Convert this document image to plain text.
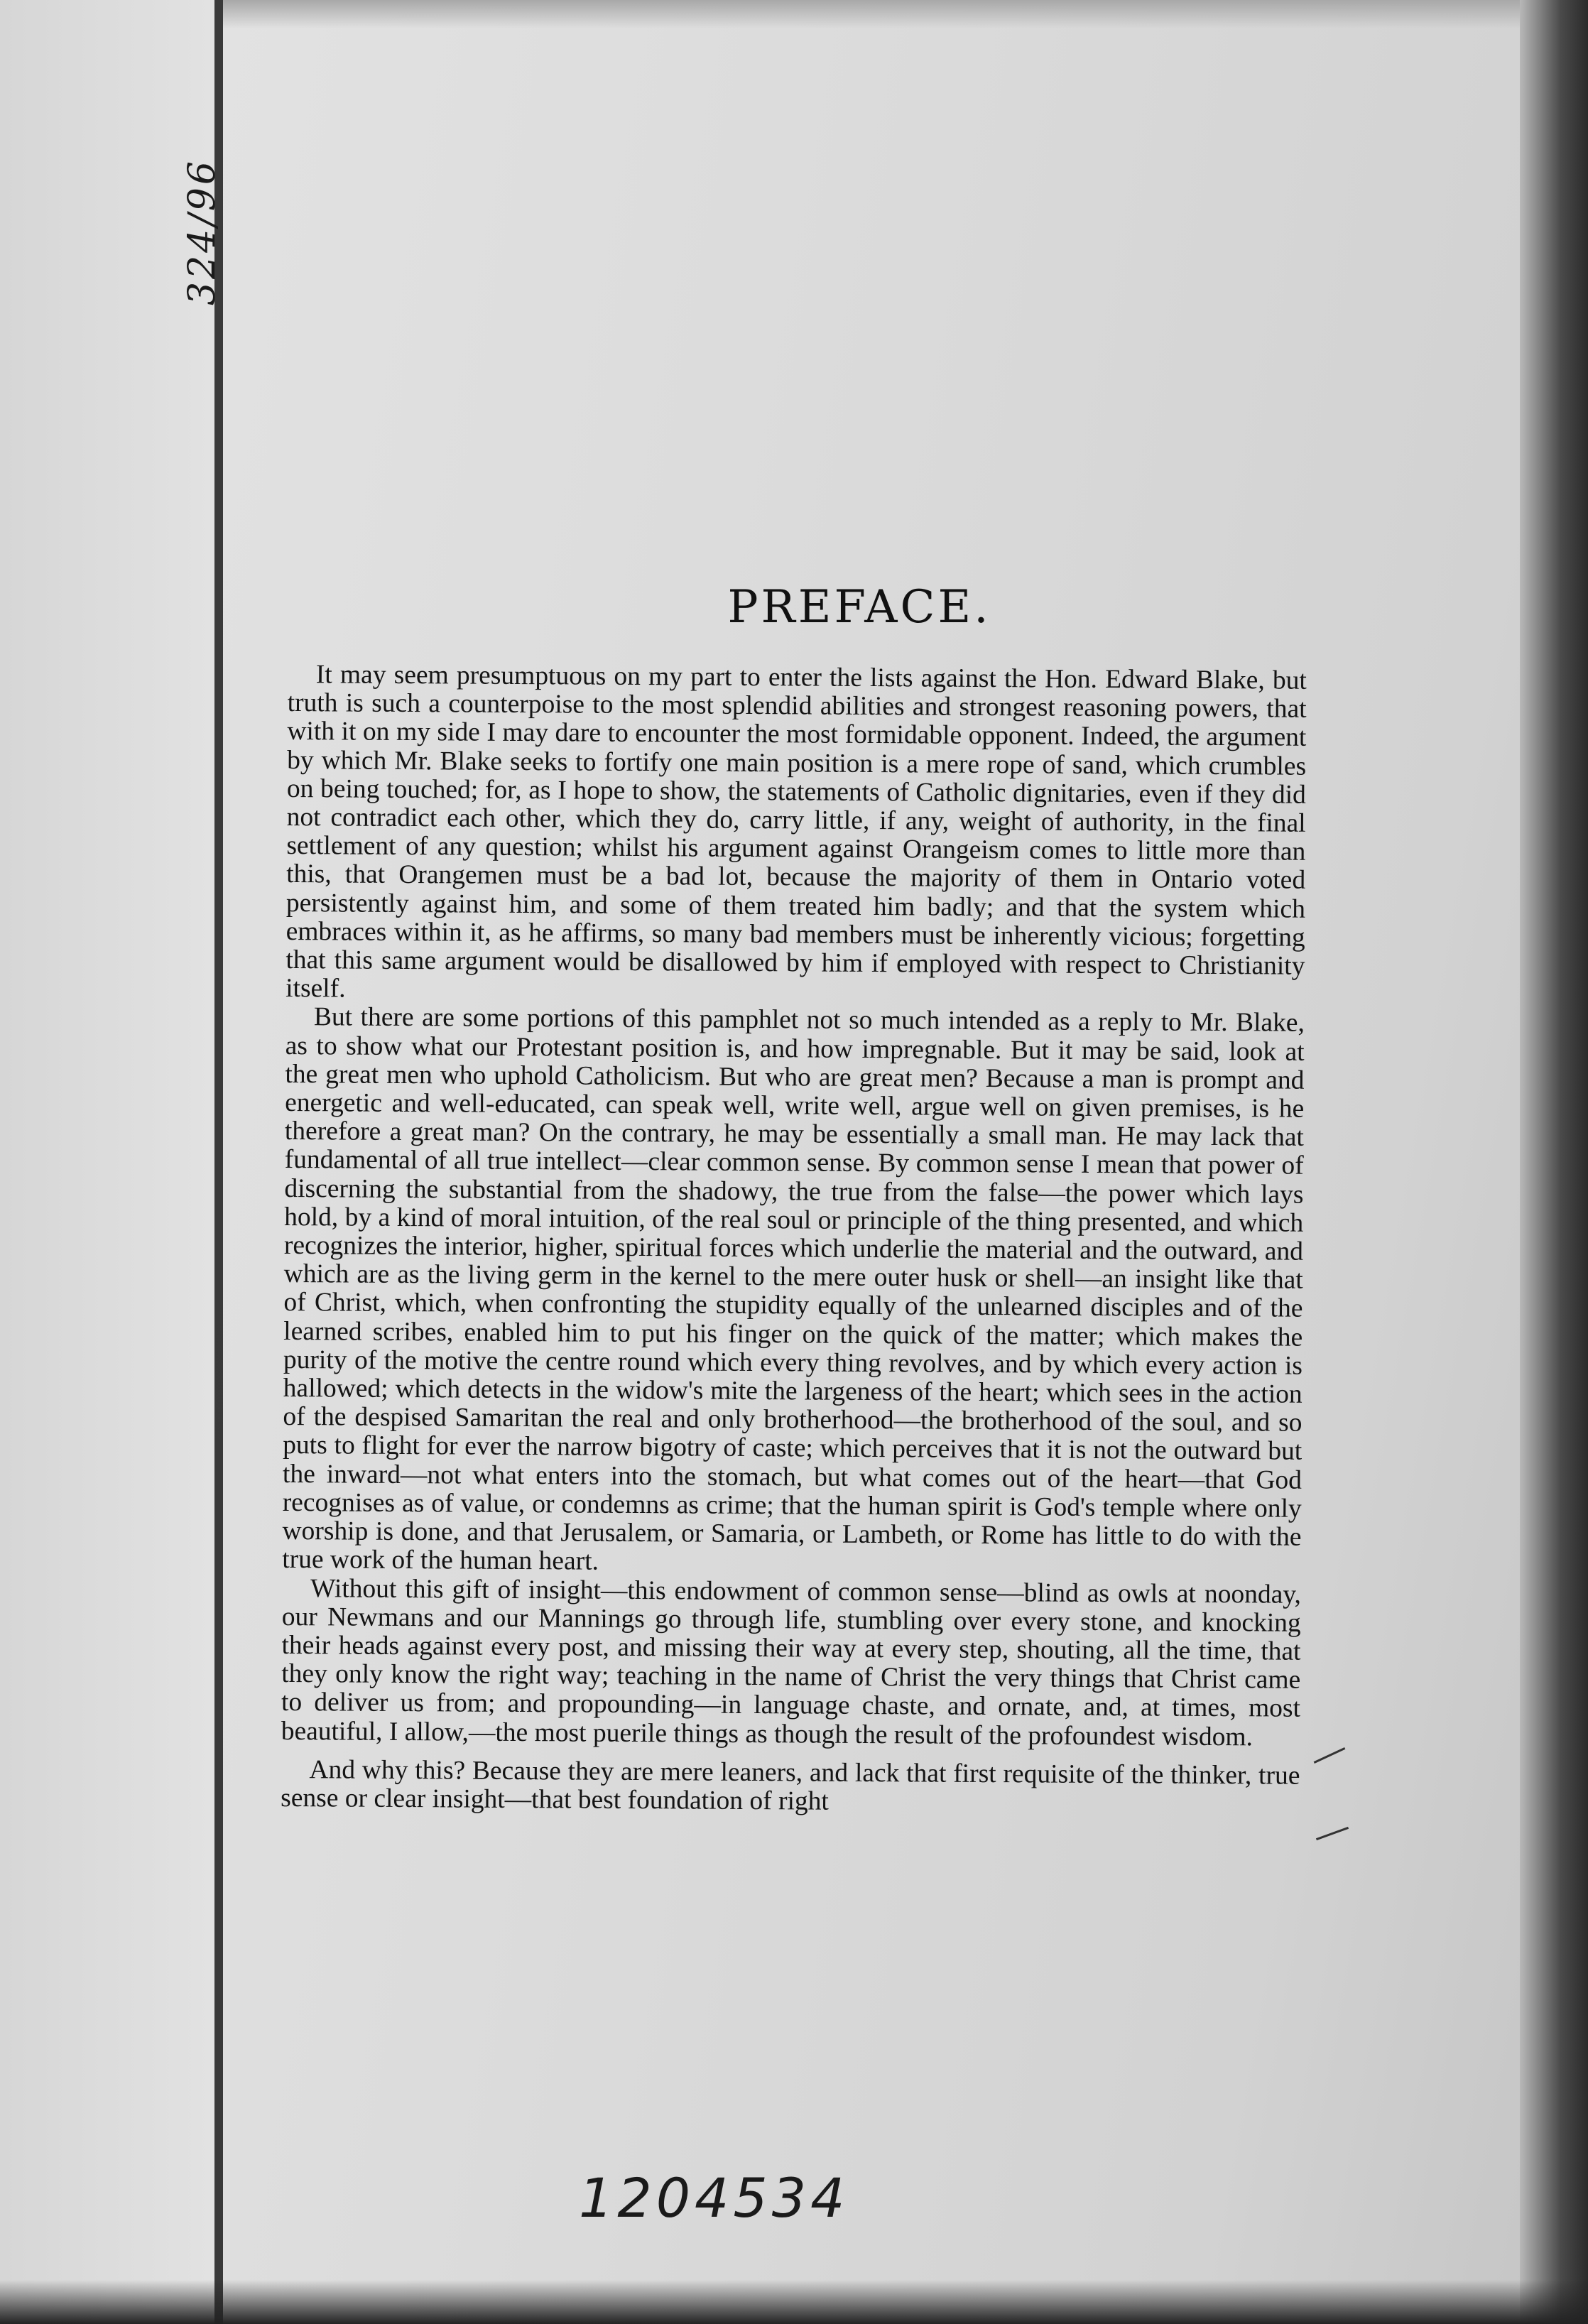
324/96
PREFACE.

It may seem presumptuous on my part to enter the lists against the Hon. Edward Blake, but truth is such a counterpoise to the most splendid abilities and strongest reasoning powers, that with it on my side I may dare to encounter the most formidable opponent. Indeed, the argument by which Mr. Blake seeks to fortify one main position is a mere rope of sand, which crumbles on being touched; for, as I hope to show, the statements of Catholic dignitaries, even if they did not contradict each other, which they do, carry little, if any, weight of authority, in the final settlement of any question; whilst his argument against Orangeism comes to little more than this, that Orangemen must be a bad lot, because the majority of them in Ontario voted persistently against him, and some of them treated him badly; and that the system which embraces within it, as he affirms, so many bad members must be inherently vicious; forgetting that this same argument would be disallowed by him if employed with respect to Christianity itself.

But there are some portions of this pamphlet not so much intended as a reply to Mr. Blake, as to show what our Protestant position is, and how impregnable. But it may be said, look at the great men who uphold Catholicism. But who are great men? Because a man is prompt and energetic and well-educated, can speak well, write well, argue well on given premises, is he therefore a great man? On the contrary, he may be essentially a small man. He may lack that fundamental of all true intellect—clear common sense. By common sense I mean that power of discerning the substantial from the shadowy, the true from the false—the power which lays hold, by a kind of moral intuition, of the real soul or principle of the thing presented, and which recognizes the interior, higher, spiritual forces which underlie the material and the outward, and which are as the living germ in the kernel to the mere outer husk or shell—an insight like that of Christ, which, when confronting the stupidity equally of the unlearned disciples and of the learned scribes, enabled him to put his finger on the quick of the matter; which makes the purity of the motive the centre round which every thing revolves, and by which every action is hallowed; which detects in the widow's mite the largeness of the heart; which sees in the action of the despised Samaritan the real and only brotherhood—the brotherhood of the soul, and so puts to flight for ever the narrow bigotry of caste; which perceives that it is not the outward but the inward—not what enters into the stomach, but what comes out of the heart—that God recognises as of value, or condemns as crime; that the human spirit is God's temple where only worship is done, and that Jerusalem, or Samaria, or Lambeth, or Rome has little to do with the true work of the human heart.

Without this gift of insight—this endowment of common sense—blind as owls at noonday, our Newmans and our Mannings go through life, stumbling over every stone, and knocking their heads against every post, and missing their way at every step, shouting, all the time, that they only know the right way; teaching in the name of Christ the very things that Christ came to deliver us from; and propounding—in language chaste, and ornate, and, at times, most beautiful, I allow,—the most puerile things as though the result of the profoundest wisdom.

And why this? Because they are mere leaners, and lack that first requisite of the thinker, true sense or clear insight—that best foundation of right

1204534
